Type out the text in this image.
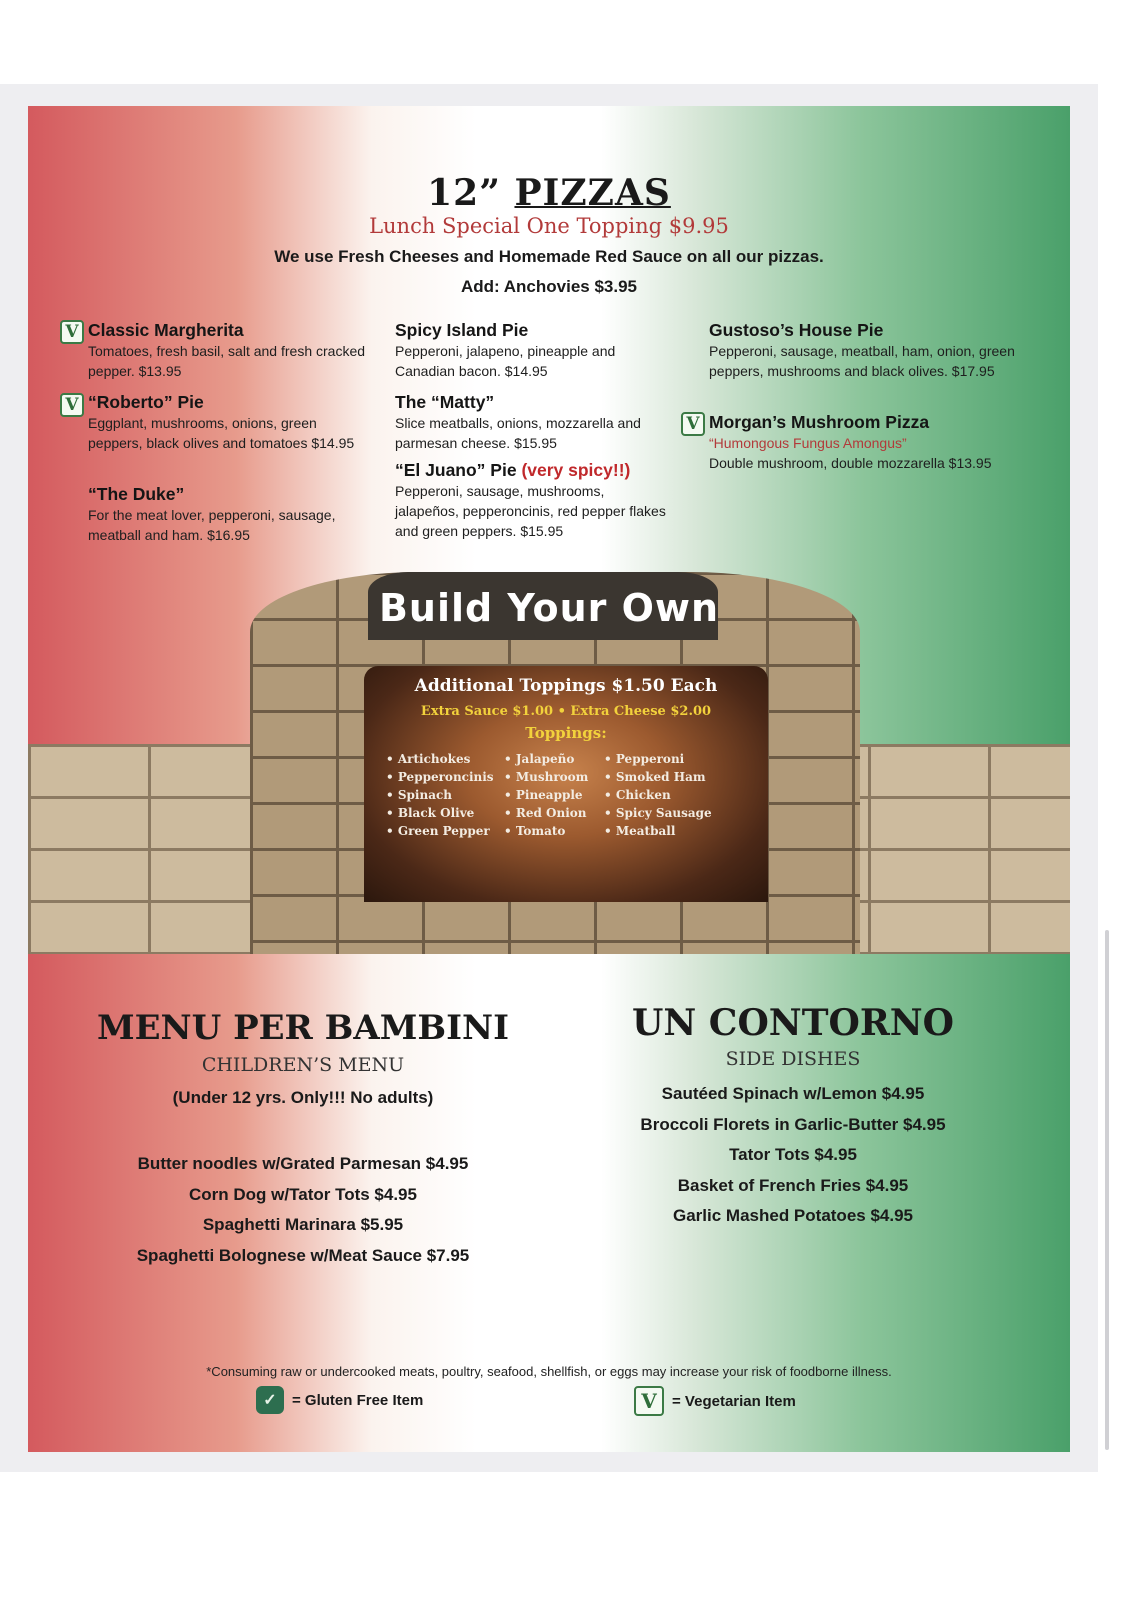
12” PIZZAS
Lunch Special One Topping $9.95
We use Fresh Cheeses and Homemade Red Sauce on all our pizzas.
Add: Anchovies $3.95
V Classic Margherita
Tomatoes, fresh basil, salt and fresh cracked pepper. $13.95
V “Roberto” Pie
Eggplant, mushrooms, onions, green peppers, black olives and tomatoes $14.95
“The Duke”
For the meat lover, pepperoni, sausage, meatball and ham. $16.95
Spicy Island Pie
Pepperoni, jalapeno, pineapple and Canadian bacon. $14.95
The “Matty”
Slice meatballs, onions, mozzarella and parmesan cheese. $15.95
“El Juano” Pie (very spicy!!)
Pepperoni, sausage, mushrooms, jalapeños, pepperoncinis, red pepper flakes and green peppers. $15.95
Gustoso’s House Pie
Pepperoni, sausage, meatball, ham, onion, green peppers, mushrooms and black olives. $17.95
V Morgan’s Mushroom Pizza
“Humongous Fungus Amongus”
Double mushroom, double mozzarella $13.95
Build Your Own
Additional Toppings $1.50 Each
Extra Sauce $1.00 • Extra Cheese $2.00
Toppings:
• Artichokes
• Pepperoncinis
• Spinach
• Black Olive
• Green Pepper
• Jalapeño
• Mushroom
• Pineapple
• Red Onion
• Tomato
• Pepperoni
• Smoked Ham
• Chicken
• Spicy Sausage
• Meatball
MENU PER BAMBINI
CHILDREN’S MENU
(Under 12 yrs. Only!!! No adults)
Butter noodles w/Grated Parmesan $4.95
Corn Dog w/Tator Tots $4.95
Spaghetti Marinara $5.95
Spaghetti Bolognese w/Meat Sauce $7.95
UN CONTORNO
SIDE DISHES
Sautéed Spinach w/Lemon $4.95
Broccoli Florets in Garlic-Butter $4.95
Tator Tots $4.95
Basket of French Fries $4.95
Garlic Mashed Potatoes $4.95
*Consuming raw or undercooked meats, poultry, seafood, shellfish, or eggs may increase your risk of foodborne illness.
✓	= Gluten Free Item	V	= Vegetarian Item
